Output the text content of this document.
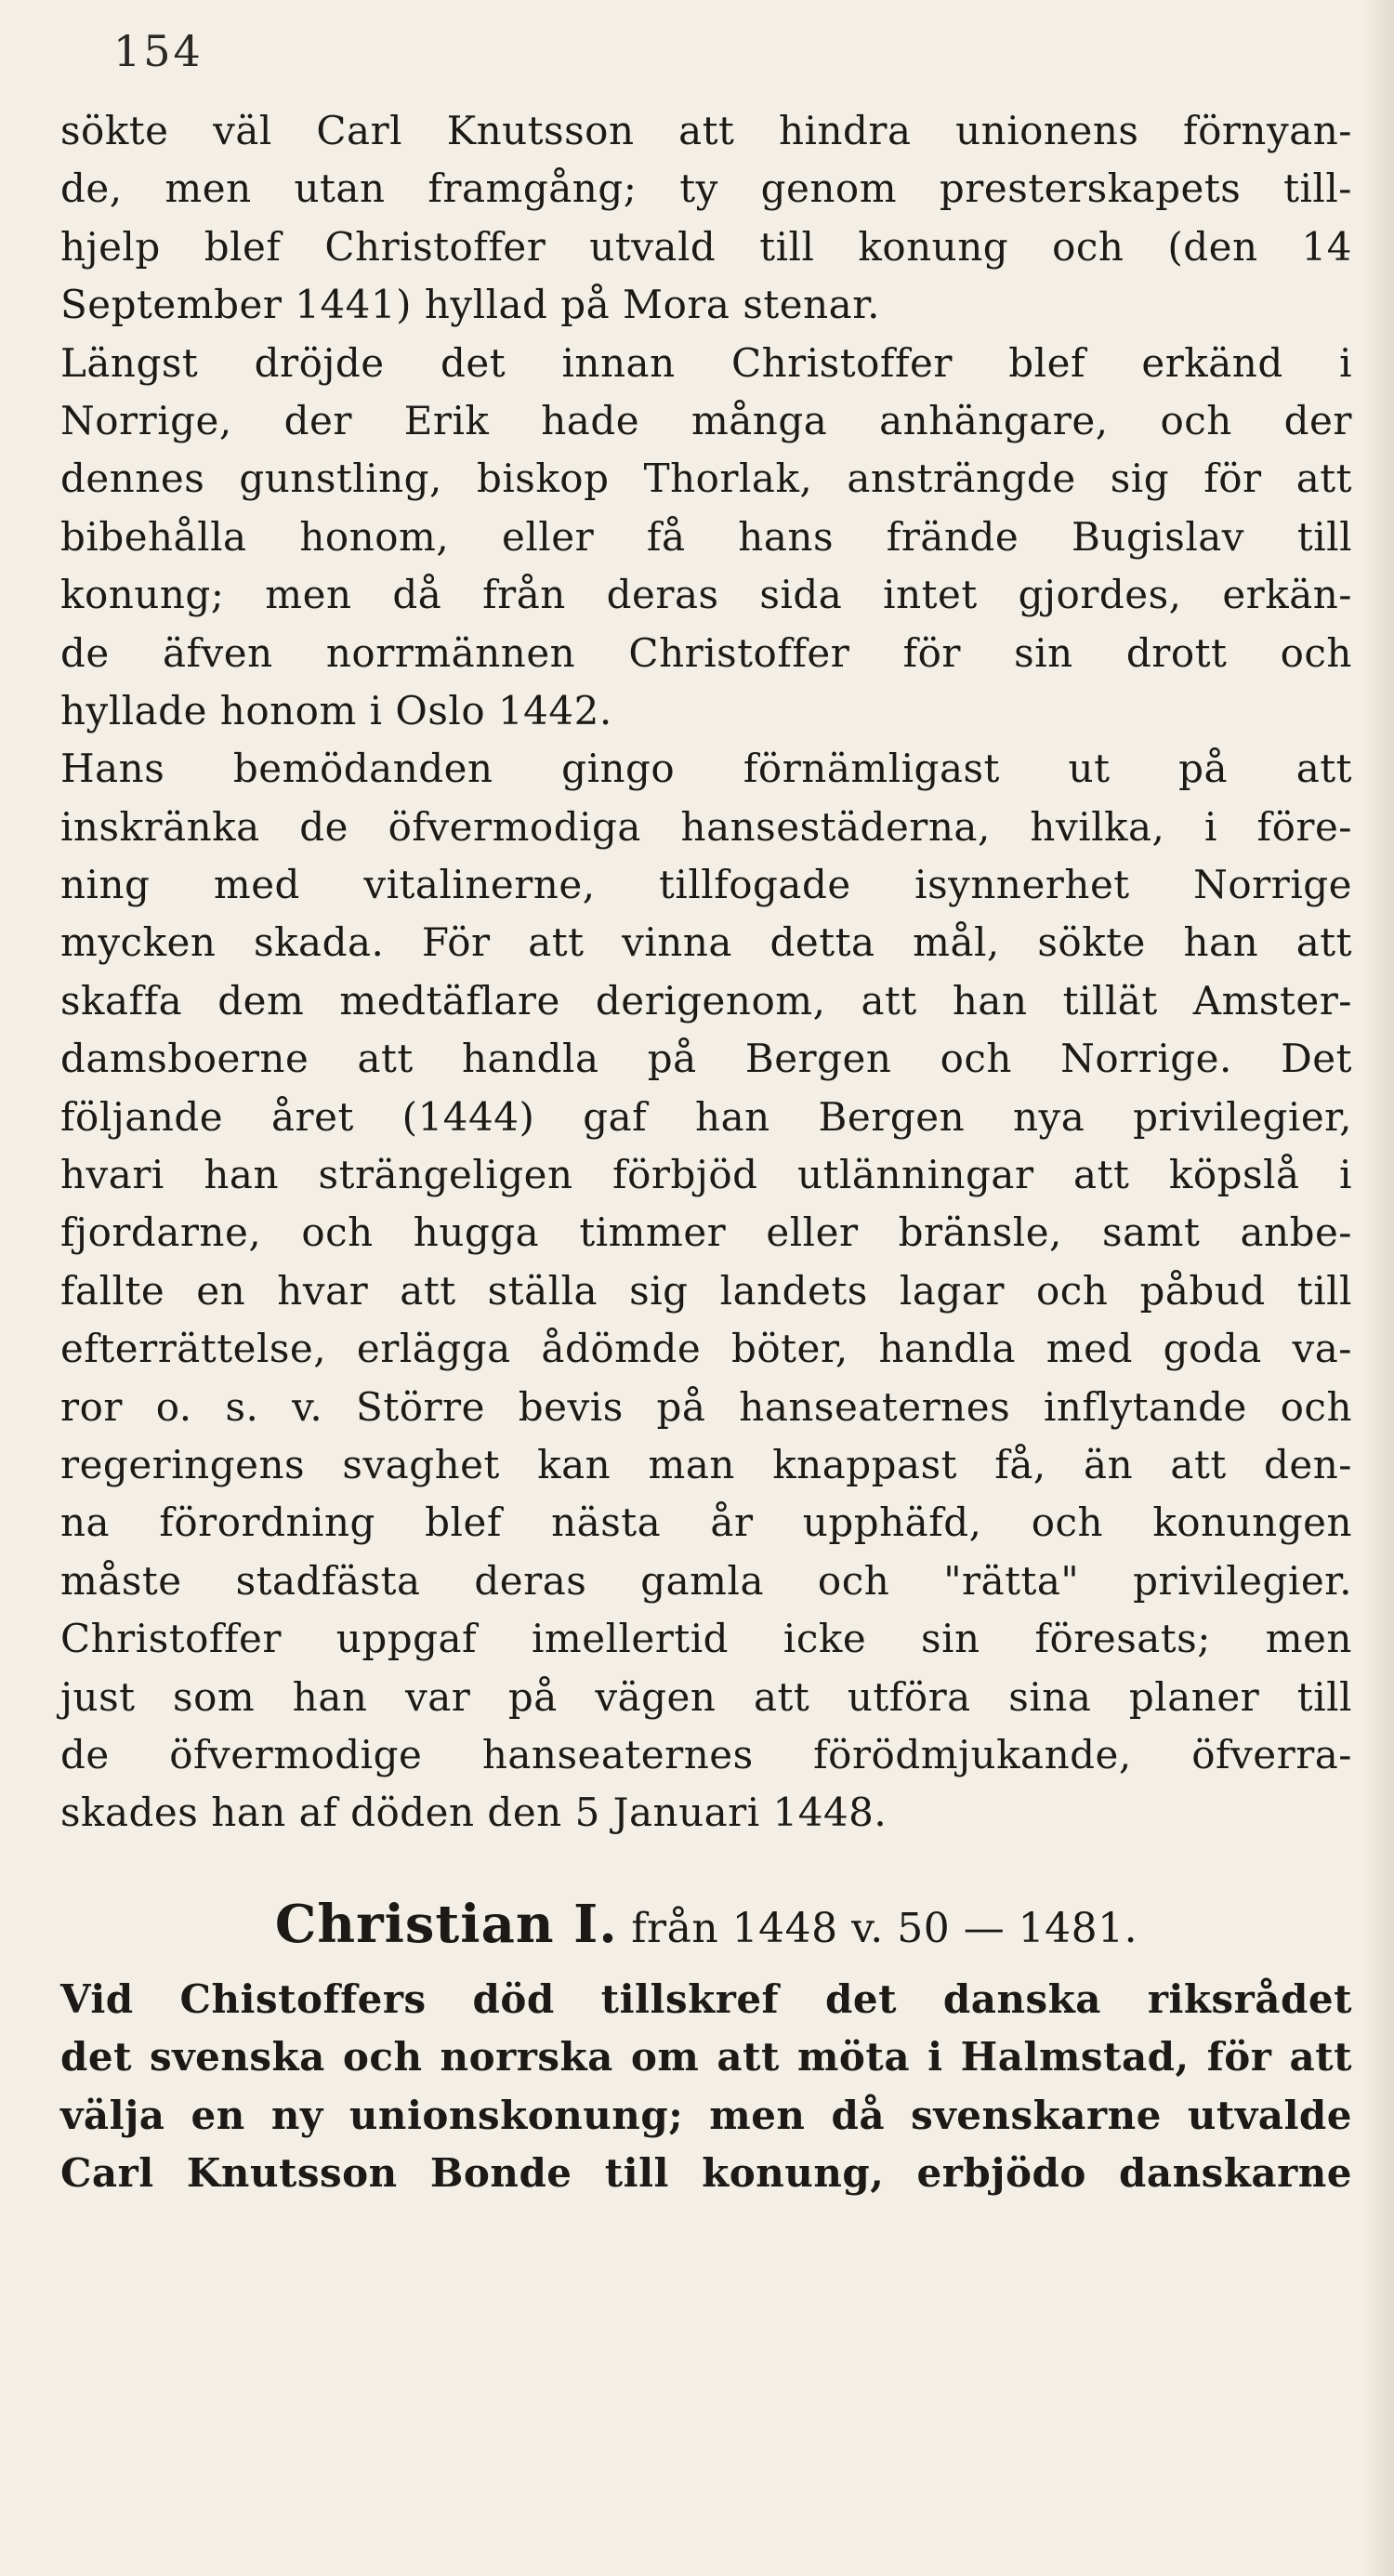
154
sökte väl Carl Knutsson att hindra unionens förnyan-
de, men utan framgång; ty genom presterskapets till-
hjelp blef Christoffer utvald till konung och (den 14
September 1441) hyllad på Mora stenar.
Längst dröjde det innan Christoffer blef erkänd i
Norrige, der Erik hade många anhängare, och der
dennes gunstling, biskop Thorlak, ansträngde sig för att
bibehålla honom, eller få hans frände Bugislav till
konung; men då från deras sida intet gjordes, erkän-
de äfven norrmännen Christoffer för sin drott och
hyllade honom i Oslo 1442.
Hans bemödanden gingo förnämligast ut på att
inskränka de öfvermodiga hansestäderna, hvilka, i före-
ning med vitalinerne, tillfogade isynnerhet Norrige
mycken skada. För att vinna detta mål, sökte han att
skaffa dem medtäflare derigenom, att han tillät Amster-
damsboerne att handla på Bergen och Norrige. Det
följande året (1444) gaf han Bergen nya privilegier,
hvari han strängeligen förbjöd utlänningar att köpslå i
fjordarne, och hugga timmer eller bränsle, samt anbe-
fallte en hvar att ställa sig landets lagar och påbud till
efterrättelse, erlägga ådömde böter, handla med goda va-
ror o. s. v. Större bevis på hanseaternes inflytande och
regeringens svaghet kan man knappast få, än att den-
na förordning blef nästa år upphäfd, och konungen
måste stadfästa deras gamla och "rätta" privilegier.
Christoffer uppgaf imellertid icke sin föresats; men
just som han var på vägen att utföra sina planer till
de öfvermodige hanseaternes förödmjukande, öfverra-
skades han af döden den 5 Januari 1448.
Christian I. från 1448 v. 50 — 1481.
Vid Chistoffers död tillskref det danska riksrådet
det svenska och norrska om att möta i Halmstad, för att
välja en ny unionskonung; men då svenskarne utvalde
Carl Knutsson Bonde till konung, erbjödo danskarne
